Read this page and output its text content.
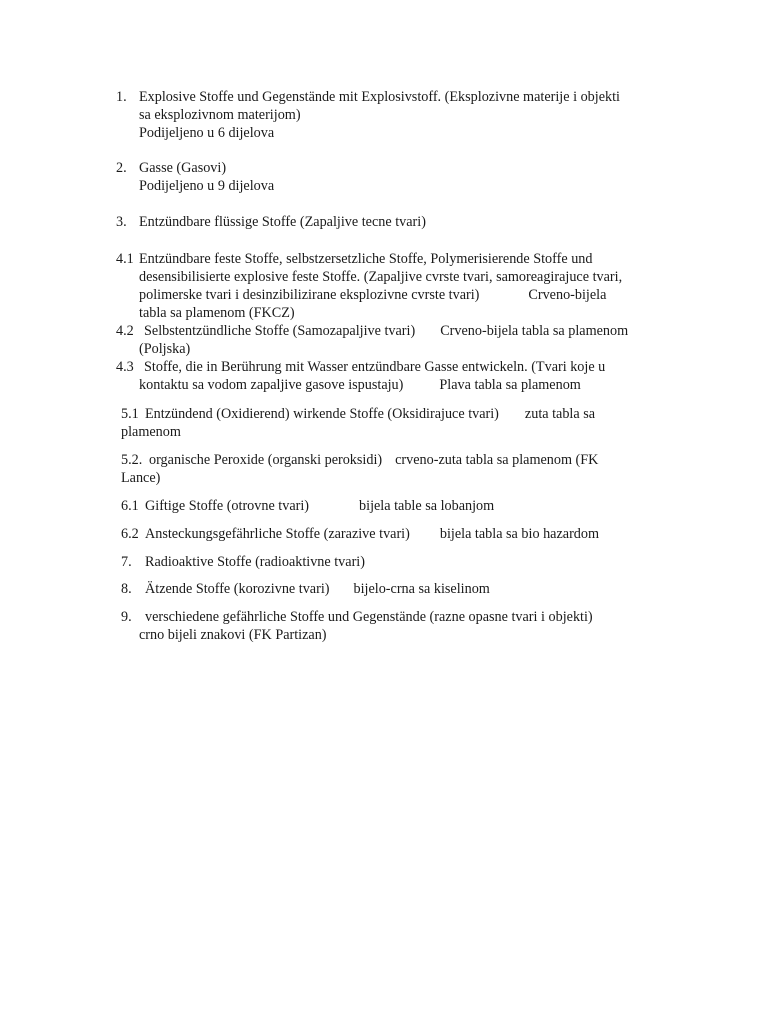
1. Explosive Stoffe und Gegenstände mit Explosivstoff. (Eksplozivne materije i objekti
sa eksplozivnom materijom)
Podijeljeno u 6 dijelova
2. Gasse (Gasovi)
Podijeljeno u 9 dijelova
3. Entzündbare flüssige Stoffe (Zapaljive tecne tvari)
4.1 Entzündbare feste Stoffe, selbstzersetzliche Stoffe, Polymerisierende Stoffe und
desensibilisierte explosive feste Stoffe. (Zapaljive cvrste tvari, samoreagirajuce tvari,
polimerske tvari i desinzibilizirane eksplozivne cvrste tvari)	Crveno-bijela
tabla sa plamenom (FKCZ)
4.2 Selbstentzündliche Stoffe (Samozapaljive tvari) Crveno-bijela tabla sa plamenom
(Poljska)
4.3 Stoffe, die in Berührung mit Wasser entzündbare Gasse entwickeln. (Tvari koje u
kontaktu sa vodom zapaljive gasove ispustaju)	Plava tabla sa plamenom
5.1 Entzündend (Oxidierend) wirkende Stoffe (Oksidirajuce tvari) zuta tabla sa
plamenom
5.2. organische Peroxide (organski peroksidi) crveno-zuta tabla sa plamenom (FK
Lance)
6.1 Giftige Stoffe (otrovne tvari)	bijela table sa lobanjom
6.2 Ansteckungsgefährliche Stoffe (zarazive tvari) bijela tabla sa bio hazardom
7. Radioaktive Stoffe (radioaktivne tvari)
8. Ätzende Stoffe (korozivne tvari) bijelo-crna sa kiselinom
9. verschiedene gefährliche Stoffe und Gegenstände (razne opasne tvari i objekti)
crno bijeli znakovi (FK Partizan)
